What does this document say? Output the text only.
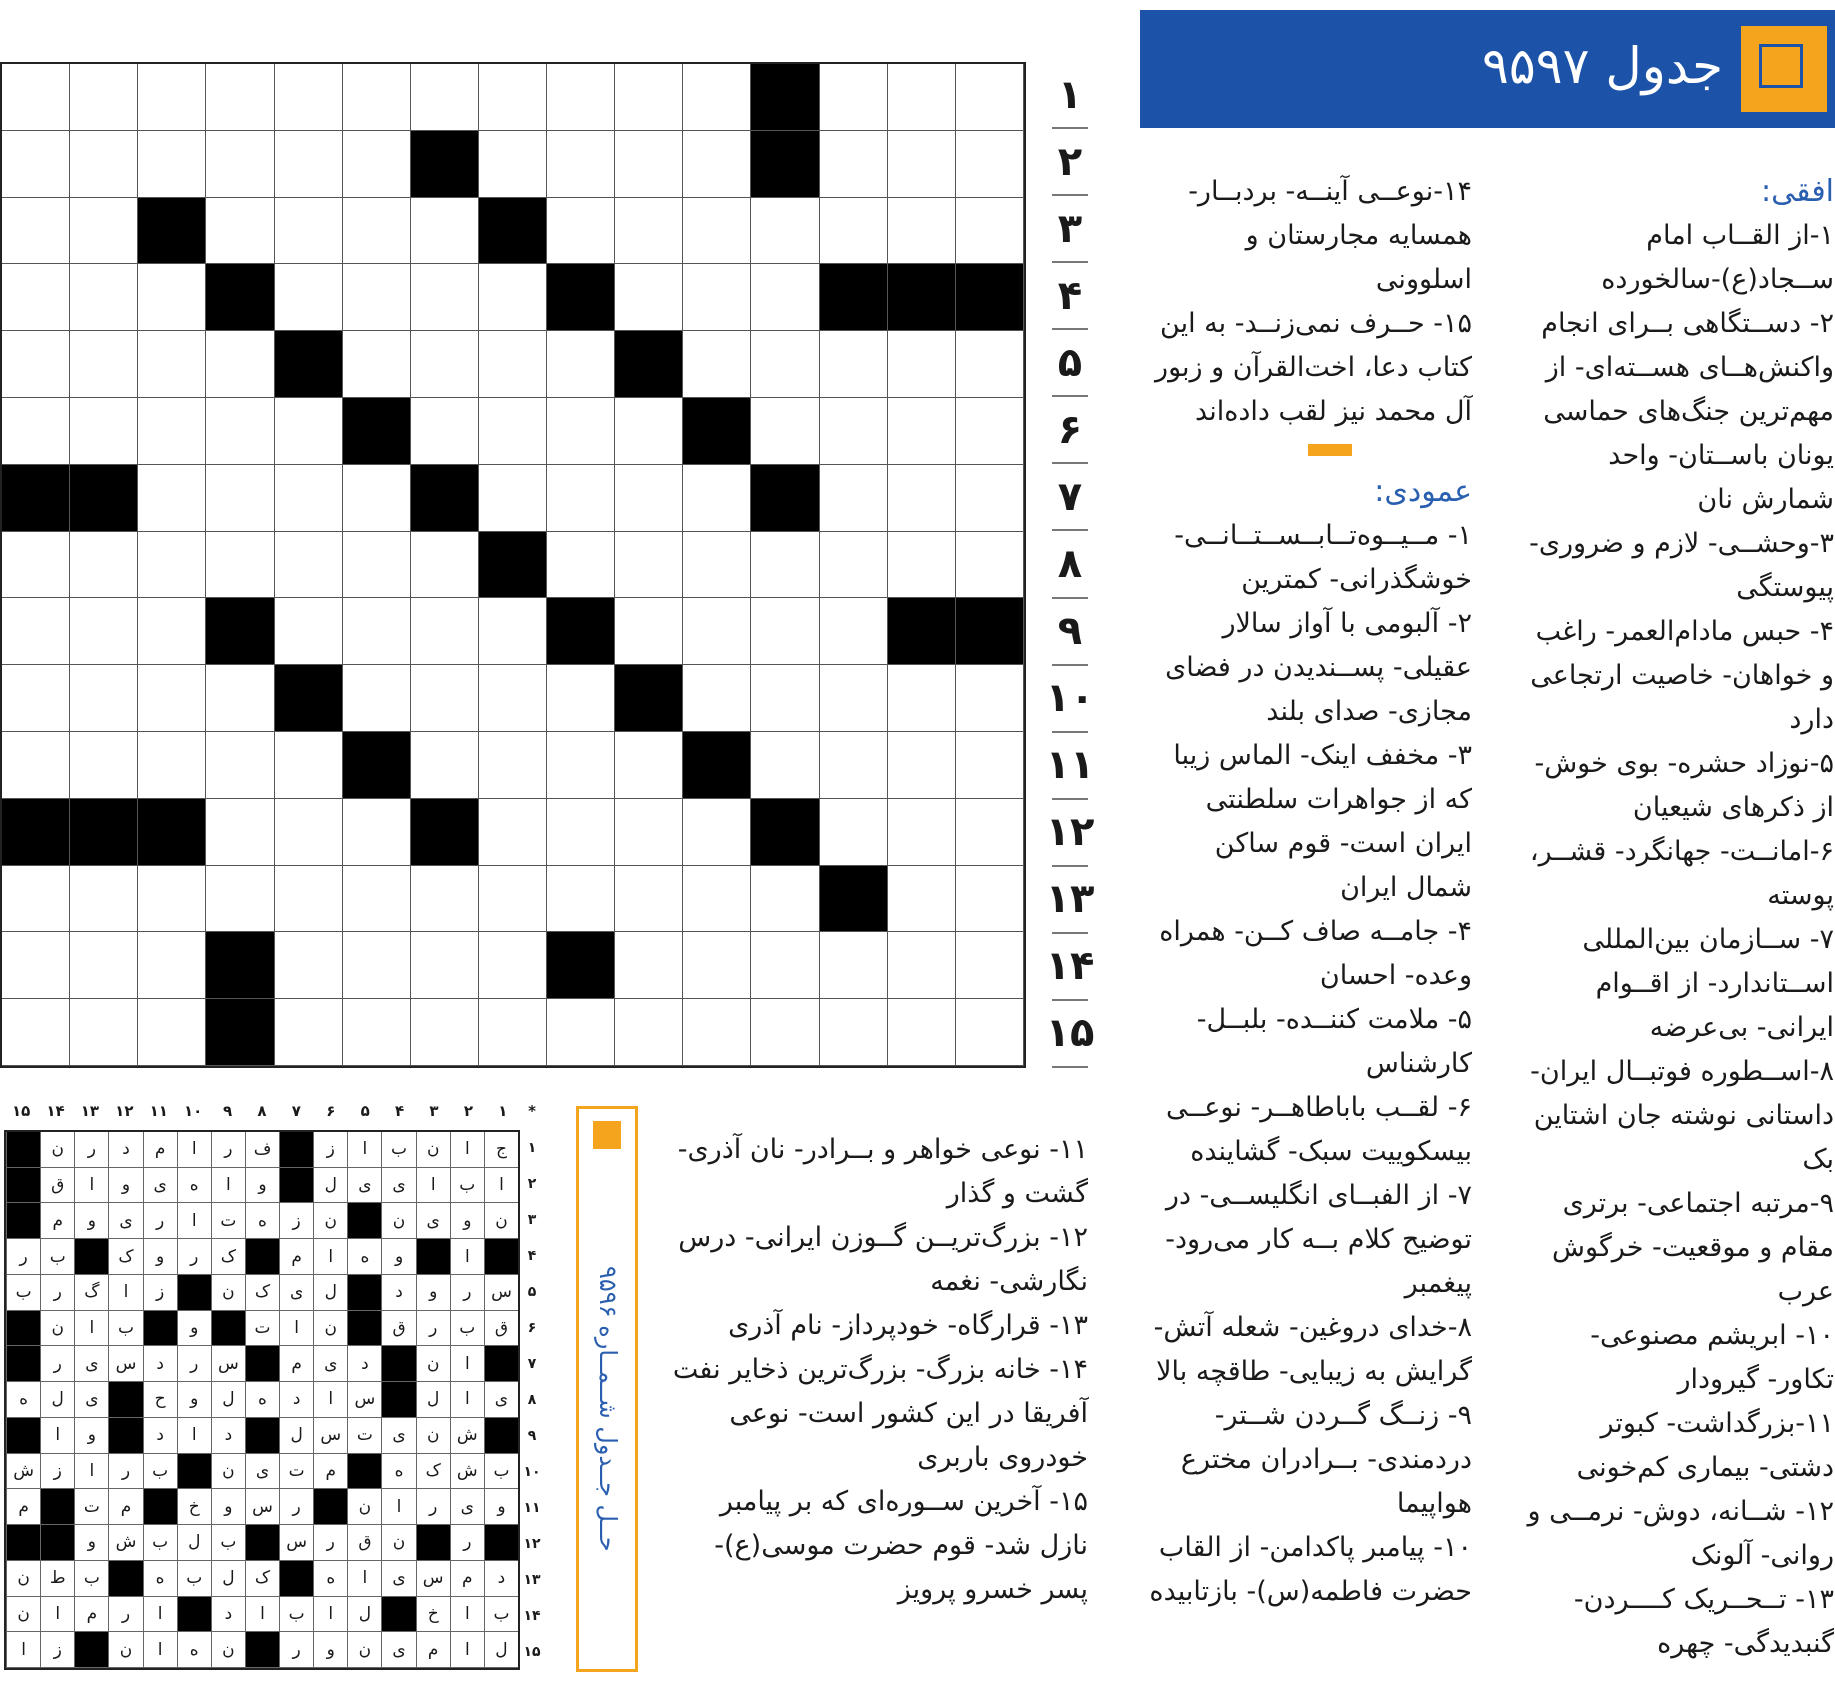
جدول ۹۵۹۷
افقی:

۱-از القــاب امام ســجاد(ع)-سالخورده

۲- دســتگاهی بــرای انجام واکنش‌هــای هســته‌ای- از مهم‌ترین جنگ‌های حماسی یونان باســتان- واحد شمارش نان

۳-وحشــی- لازم و ضروری- پیوستگی

۴- حبس مادام‌العمر- راغب و خواهان- خاصیت ارتجاعی دارد

۵-نوزاد حشره- بوی خوش- از ذکرهای شیعیان

۶-امانــت- جهانگرد- قشــر، پوسته

۷- ســازمان بین‌المللی اســتاندارد- از اقــوام ایرانی- بی‌عرضه

۸-اســطوره فوتبــال ایران- داستانی نوشته جان اشتاین بک

۹-مرتبه اجتماعی- برتری مقام و موقعیت- خرگوش عرب

۱۰- ابریشم مصنوعی- تکاور- گیرودار

۱۱-بزرگداشت- کبوتر دشتی- بیماری کم‌خونی

۱۲- شــانه، دوش- نرمــی و روانی- آلونک

۱۳- تــحــریک کــــردن- گنبدیدگی- چهره

۱۴-نوعــی آینــه- بردبــار- همسایه مجارستان و اسلوونی

۱۵- حــرف نمی‌زنــد- به این کتاب دعا، اخت‌القرآن و زبور آل محمد نیز لقب داده‌اند

عمودی:

۱- مــیــوه‌تــابــســتــانــی- خوشگذرانی- کمترین

۲- آلبومی با آواز سالار عقیلی- پســندیدن در فضای مجازی- صدای بلند

۳- مخفف اینک- الماس زیبا که از جواهرات سلطنتی ایران است- قوم ساکن شمال ایران

۴- جامــه صاف کــن- همراه وعده- احسان

۵- ملامت کننــده- بلبــل- کارشناس

۶- لقــب باباطاهــر- نوعــی بیسکوییت سبک- گشاینده

۷- از الفبــای انگلیســی- در توضیح کلام بــه کار می‌رود- پیغمبر

۸-خدای دروغین- شعله آتش- گرایش به زیبایی- طاقچه بالا

۹- زنــگ گــردن شــتر- دردمندی- بــرادران مخترع هواپیما

۱۰- پیامبر پاکدامن- از القاب حضرت فاطمه(س)- بازتابیده

۱۱- نوعی خواهر و بــرادر- نان آذری- گشت و گذار

۱۲- بزرگ‌تریــن گــوزن ایرانی- درس نگارشی- نغمه

۱۳- قرارگاه- خودپرداز- نام آذری

۱۴- خانه بزرگ- بزرگ‌ترین ذخایر نفت آفریقا در این کشور است- نوعی خودروی باربری

۱۵- آخرین ســوره‌ای که بر پیامبر نازل شد- قوم حضرت موسی(ع)- پسر خسرو پرویز

۱
۲
۳
۴
۵
۶
۷
۸
۹
۱۰
۱۱
۱۲
۱۳
۱۴
۱۵
*
۱
۲
۳
۴
۵
۶
۷
۸
۹
۱۰
۱۱
۱۲
۱۳
۱۴
۱۵
ج
ا
ن
ب
ا
ز
ف
ر
ا
م
د
ر
ن
ا
ب
ا
ی
ی
ل
و
ا
ه
ی
و
ا
ق
ن
و
ی
ن
ن
ز
ه
ت
ا
ر
ی
و
م
ا
و
ه
ا
م
ک
ر
و
ک
ب
ر
س
ر
و
د
ل
ی
ک
ن
ز
ا
گ
ر
ب
ق
ب
ر
ق
ن
ا
ت
و
ب
ا
ن
ا
ن
د
ی
م
س
ر
د
س
ی
ر
ی
ا
ل
س
ا
د
ه
ل
و
ح
ی
ل
ه
ش
ن
ی
ت
س
ل
د
ا
د
و
ا
ب
ش
ک
ه
م
ت
ی
ن
ب
ر
ا
ز
ش
و
ی
ر
ا
ن
ر
س
و
خ
م
ت
م
ر
ن
ق
ر
س
ب
ل
ب
ش
و
د
م
س
ی
ا
ه
ک
ل
ب
ه
ب
ط
ن
ب
ا
خ
ل
ا
ب
ا
د
ا
ر
م
ا
ن
ل
ا
م
ی
ن
و
ر
ن
ه
ا
ن
ز
ا
۱
۲
۳
۴
۵
۶
۷
۸
۹
۱۰
۱۱
۱۲
۱۳
۱۴
۱۵
حــل جــدول شــمــاره ۹۵۹۶
